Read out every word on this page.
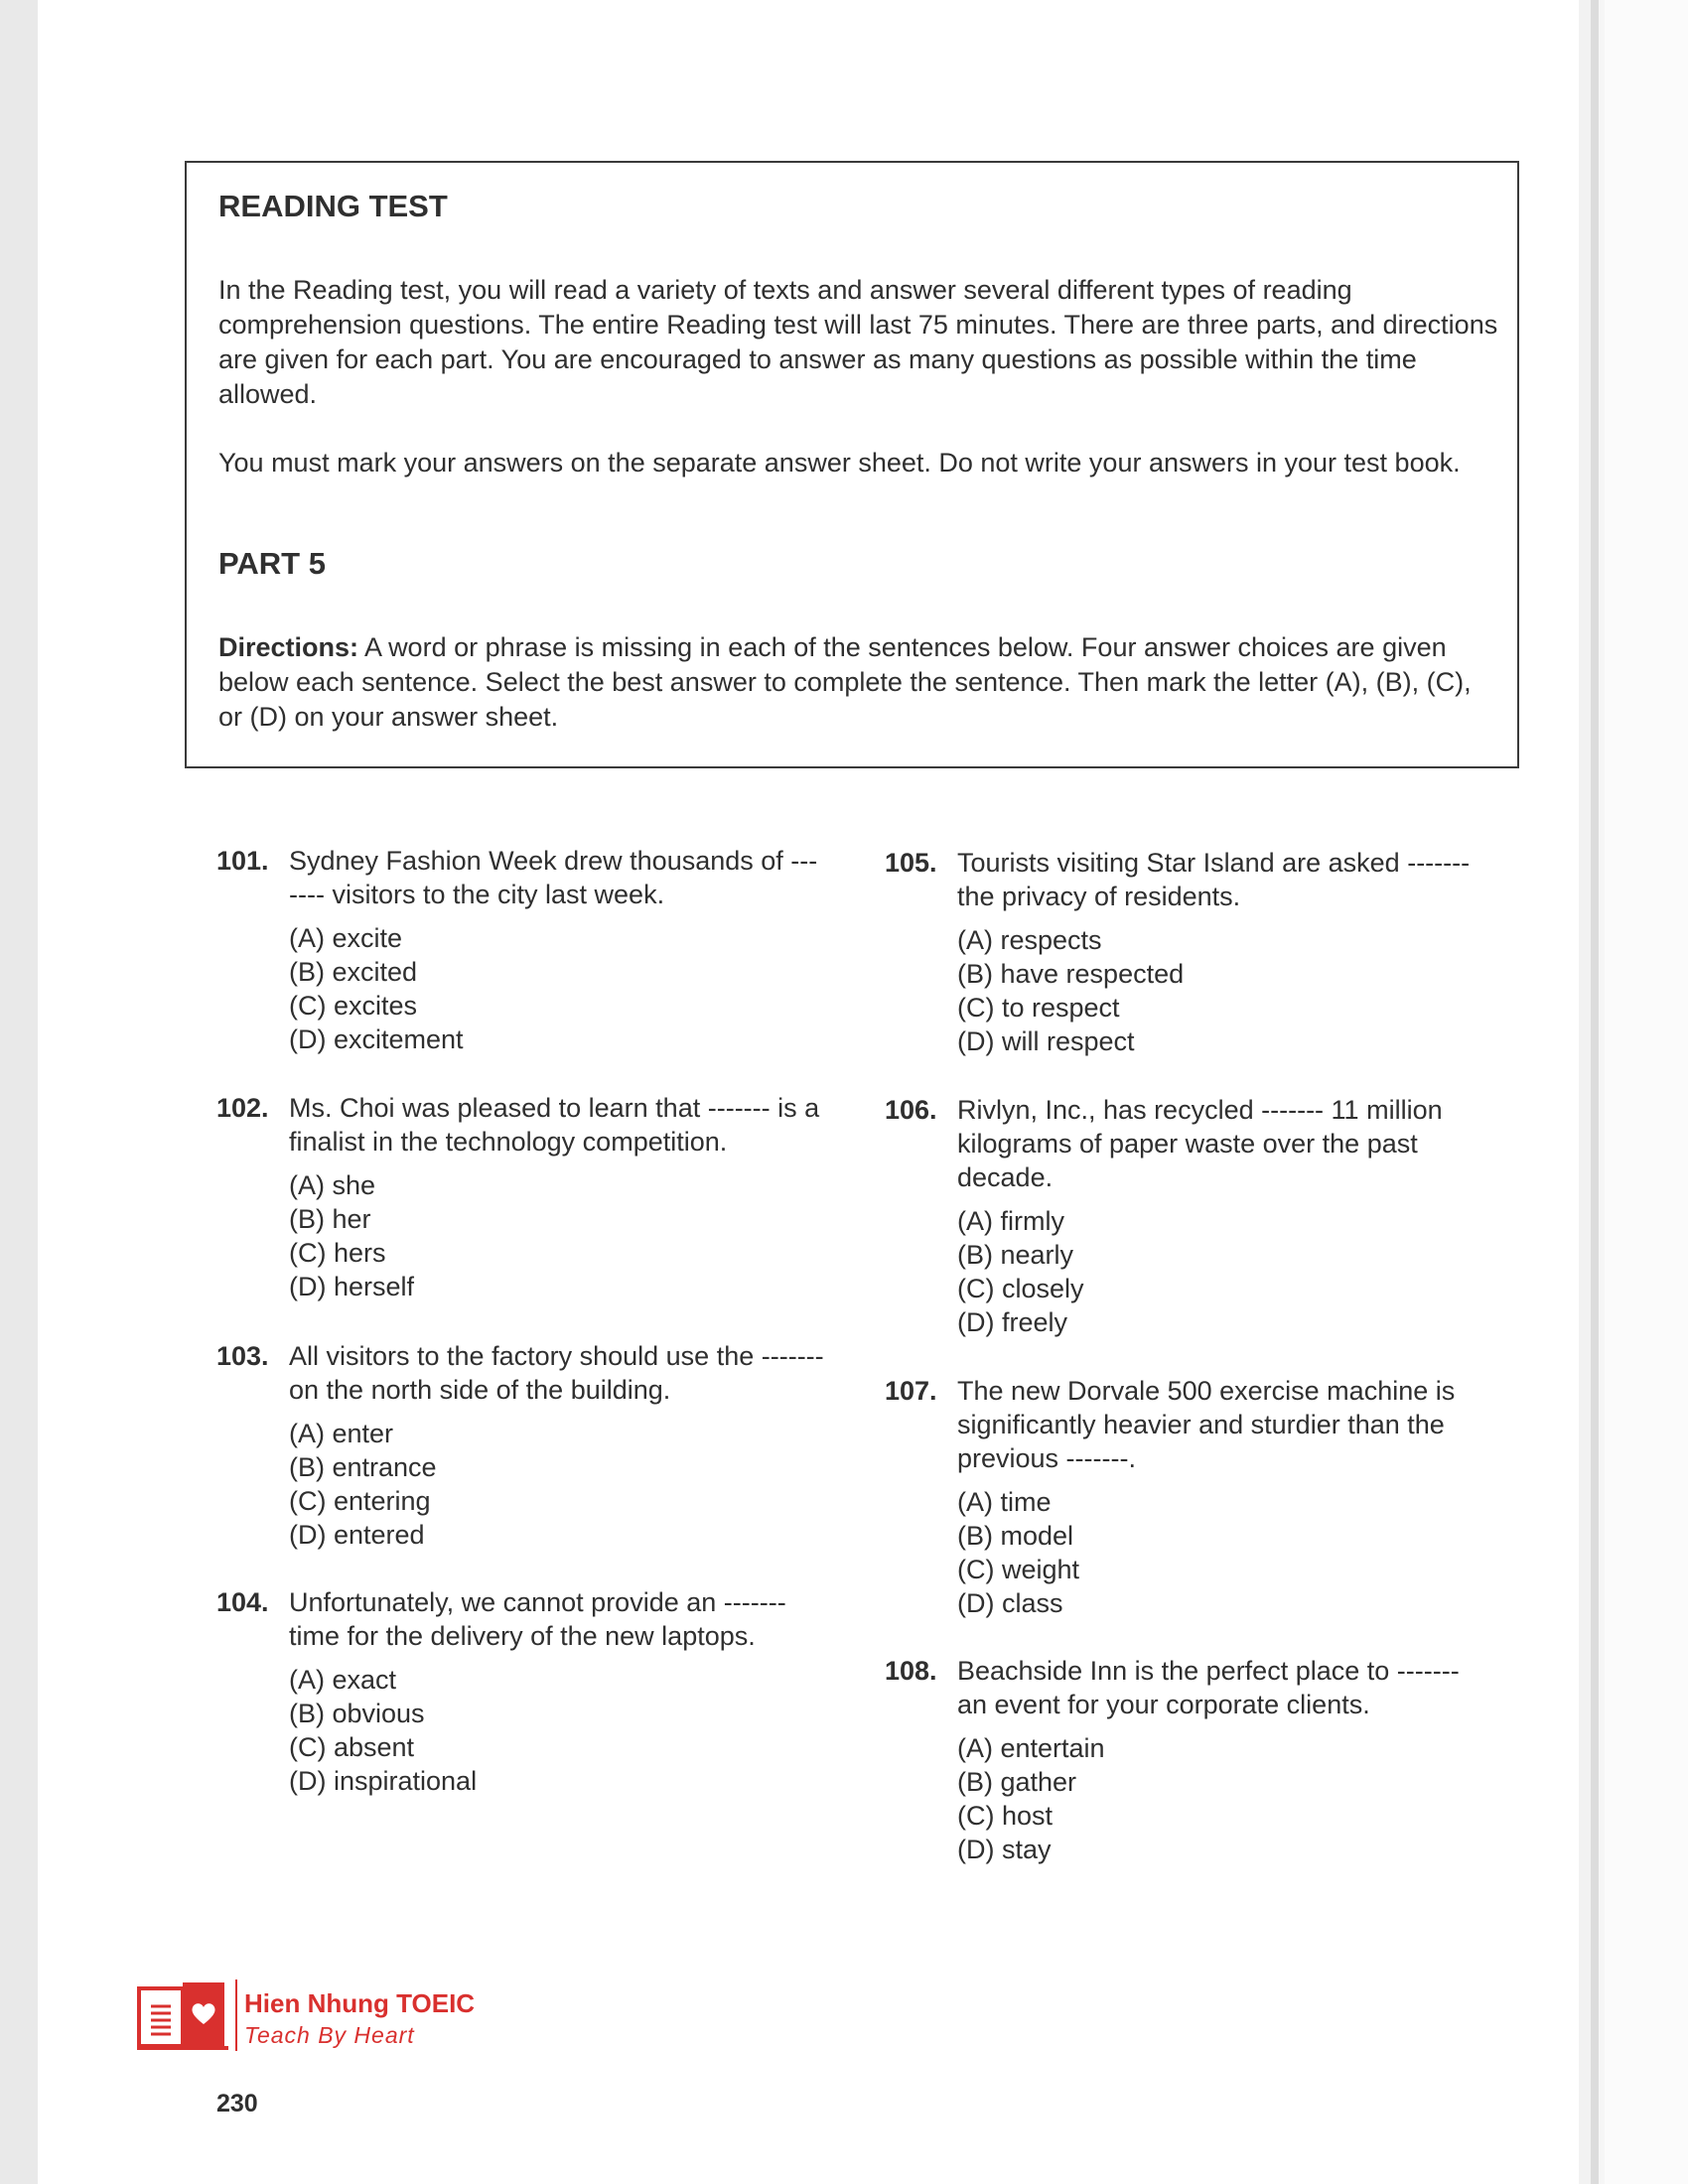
READING TEST
In the Reading test, you will read a variety of texts and answer several different types of reading comprehension questions. The entire Reading test will last 75 minutes. There are three parts, and directions are given for each part. You are encouraged to answer as many questions as possible within the time allowed.
You must mark your answers on the separate answer sheet. Do not write your answers in your test book.
PART 5
Directions: A word or phrase is missing in each of the sentences below. Four answer choices are given below each sentence. Select the best answer to complete the sentence. Then mark the letter (A), (B), (C), or (D) on your answer sheet.
101. Sydney Fashion Week drew thousands of ------- visitors to the city last week.
(A) excite
(B) excited
(C) excites
(D) excitement
102. Ms. Choi was pleased to learn that ------- is a finalist in the technology competition.
(A) she
(B) her
(C) hers
(D) herself
103. All visitors to the factory should use the ------- on the north side of the building.
(A) enter
(B) entrance
(C) entering
(D) entered
104. Unfortunately, we cannot provide an ------- time for the delivery of the new laptops.
(A) exact
(B) obvious
(C) absent
(D) inspirational
105. Tourists visiting Star Island are asked ------- the privacy of residents.
(A) respects
(B) have respected
(C) to respect
(D) will respect
106. Rivlyn, Inc., has recycled ------- 11 million kilograms of paper waste over the past decade.
(A) firmly
(B) nearly
(C) closely
(D) freely
107. The new Dorvale 500 exercise machine is significantly heavier and sturdier than the previous -------.
(A) time
(B) model
(C) weight
(D) class
108. Beachside Inn is the perfect place to ------- an event for your corporate clients.
(A) entertain
(B) gather
(C) host
(D) stay
Hien Nhung TOEIC
Teach By Heart
230
